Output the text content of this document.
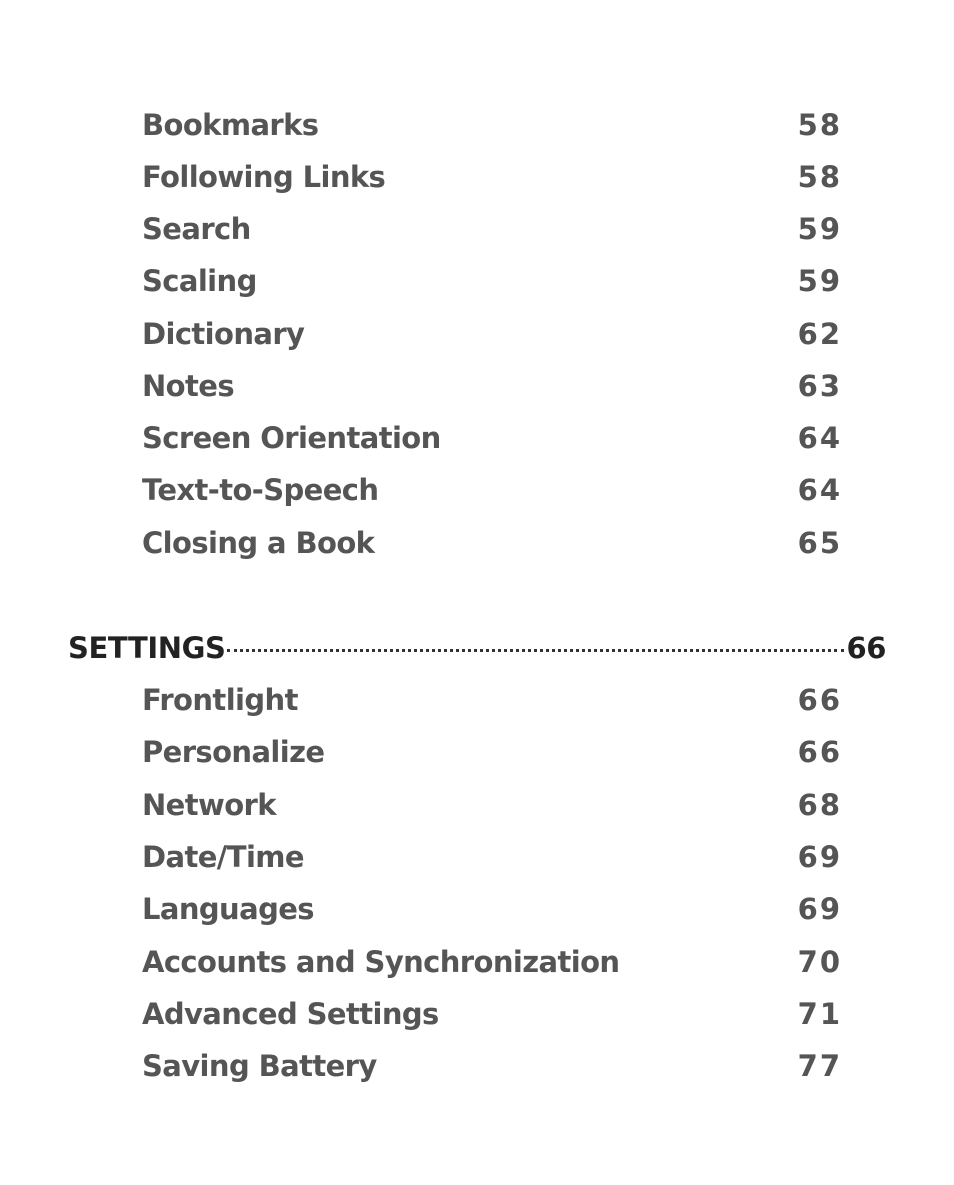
Bookmarks	58
Following Links	58
Search	59
Scaling	59
Dictionary	62
Notes	63
Screen Orientation	64
Text-to-Speech	64
Closing a Book	65
SETTINGS	66
Frontlight	66
Personalize	66
Network	68
Date/Time	69
Languages	69
Accounts and Synchronization	70
Advanced Settings	71
Saving Battery	77
